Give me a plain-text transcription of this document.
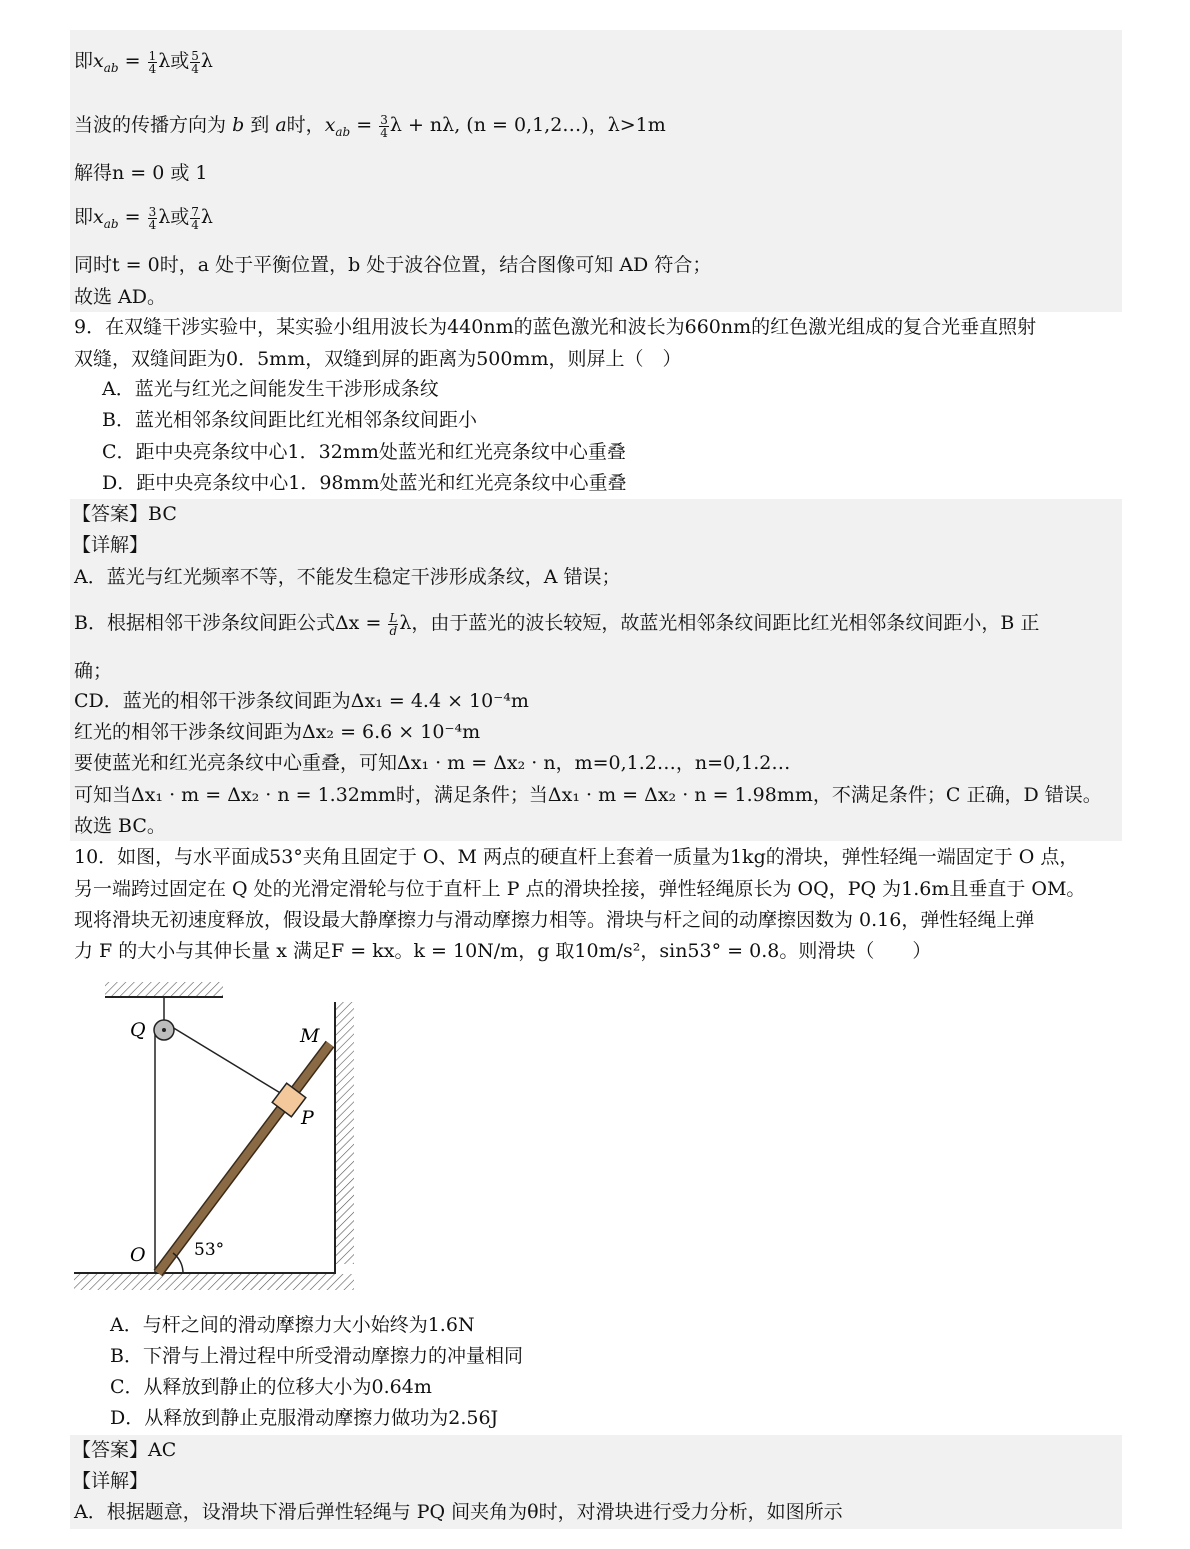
即$x_{ab} = \frac{1}{4}$ λ或 $\frac{5}{4}$ λ
当波的传播方向为 b 到 a时，$x_{ab} = \frac{3}{4}$ λ + nλ, (n = 0,1,2…)，λ>1m
解得n = 0 或 1
即$x_{ab} = \frac{3}{4}$ λ或 $\frac{7}{4}$ λ
同时t = 0时，a 处于平衡位置，b 处于波谷位置，结合图像可知 AD 符合；
故选 AD。
9．在双缝干涉实验中，某实验小组用波长为440nm的蓝色激光和波长为660nm的红色激光组成的复合光垂直照射
双缝，双缝间距为0．5mm，双缝到屏的距离为500mm，则屏上（　）
A．蓝光与红光之间能发生干涉形成条纹
B．蓝光相邻条纹间距比红光相邻条纹间距小
C．距中央亮条纹中心1．32mm处蓝光和红光亮条纹中心重叠
D．距中央亮条纹中心1．98mm处蓝光和红光亮条纹中心重叠
【答案】BC
【详解】
A．蓝光与红光频率不等，不能发生稳定干涉形成条纹，A 错误；
B．根据相邻干涉条纹间距公式$\Delta x = \frac{L}{d}$ λ，由于蓝光的波长较短，故蓝光相邻条纹间距比红光相邻条纹间距小，B 正
确；
CD．蓝光的相邻干涉条纹间距为Δx₁ = 4.4 × 10⁻⁴m
红光的相邻干涉条纹间距为Δx₂ = 6.6 × 10⁻⁴m
要使蓝光和红光亮条纹中心重叠，可知Δx₁ · m = Δx₂ · n，m=0,1.2…，n=0,1.2…
可知当Δx₁ · m = Δx₂ · n = 1.32mm时，满足条件；当Δx₁ · m = Δx₂ · n = 1.98mm，不满足条件；C 正确，D 错误。
故选 BC。
10．如图，与水平面成53°夹角且固定于 O、M 两点的硬直杆上套着一质量为1kg的滑块，弹性轻绳一端固定于 O 点，
另一端跨过固定在 Q 处的光滑定滑轮与位于直杆上 P 点的滑块拴接，弹性轻绳原长为 OQ，PQ 为1.6m且垂直于 OM。
现将滑块无初速度释放，假设最大静摩擦力与滑动摩擦力相等。滑块与杆之间的动摩擦因数为 0.16，弹性轻绳上弹
力 F 的大小与其伸长量 x 满足F = kx。k = 10N/m，g 取10m/s²，sin53° = 0.8。则滑块（　　）
Q	M
P
O	53°
A．与杆之间的滑动摩擦力大小始终为1.6N
B．下滑与上滑过程中所受滑动摩擦力的冲量相同
C．从释放到静止的位移大小为0.64m
D．从释放到静止克服滑动摩擦力做功为2.56J
【答案】AC
【详解】
A．根据题意，设滑块下滑后弹性轻绳与 PQ 间夹角为θ时，对滑块进行受力分析，如图所示
